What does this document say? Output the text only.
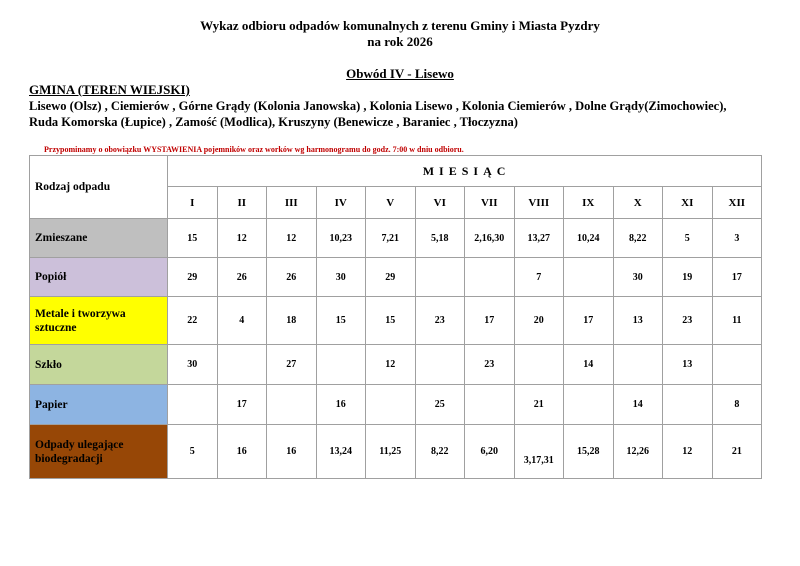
Wykaz odbioru odpadów komunalnych z terenu Gminy i Miasta Pyzdry
na rok 2026
Obwód IV - Lisewo
GMINA (TEREN WIEJSKI)
Lisewo (Olsz) , Ciemierów , Górne Grądy (Kolonia Janowska) , Kolonia Lisewo , Kolonia Ciemierów , Dolne Grądy(Zimochowiec),
Ruda Komorska (Łupice) , Zamość (Modlica), Kruszyny (Benewicze , Baraniec , Tłoczyzna)
Przypominamy o obowiązku WYSTAWIENIA pojemników oraz worków wg harmonogramu do godz. 7:00 w dniu odbioru.
Rodzaj odpadu	M I E S I Ą C											
	I	II	III	IV	V	VI	VII	VIII	IX	X	XI	XII
Zmieszane	15	12	12	10,23	7,21	5,18	2,16,30	13,27	10,24	8,22	5	3
Popiół	29	26	26	30	29			7		30	19	17
Metale i tworzywa sztuczne	22	4	18	15	15	23	17	20	17	13	23	11
Szkło	30		27		12		23		14		13	
Papier		17		16		25		21		14		8
Odpady ulegające biodegradacji	5	16	16	13,24	11,25	8,22	6,20	3,17,31	15,28	12,26	12	21
